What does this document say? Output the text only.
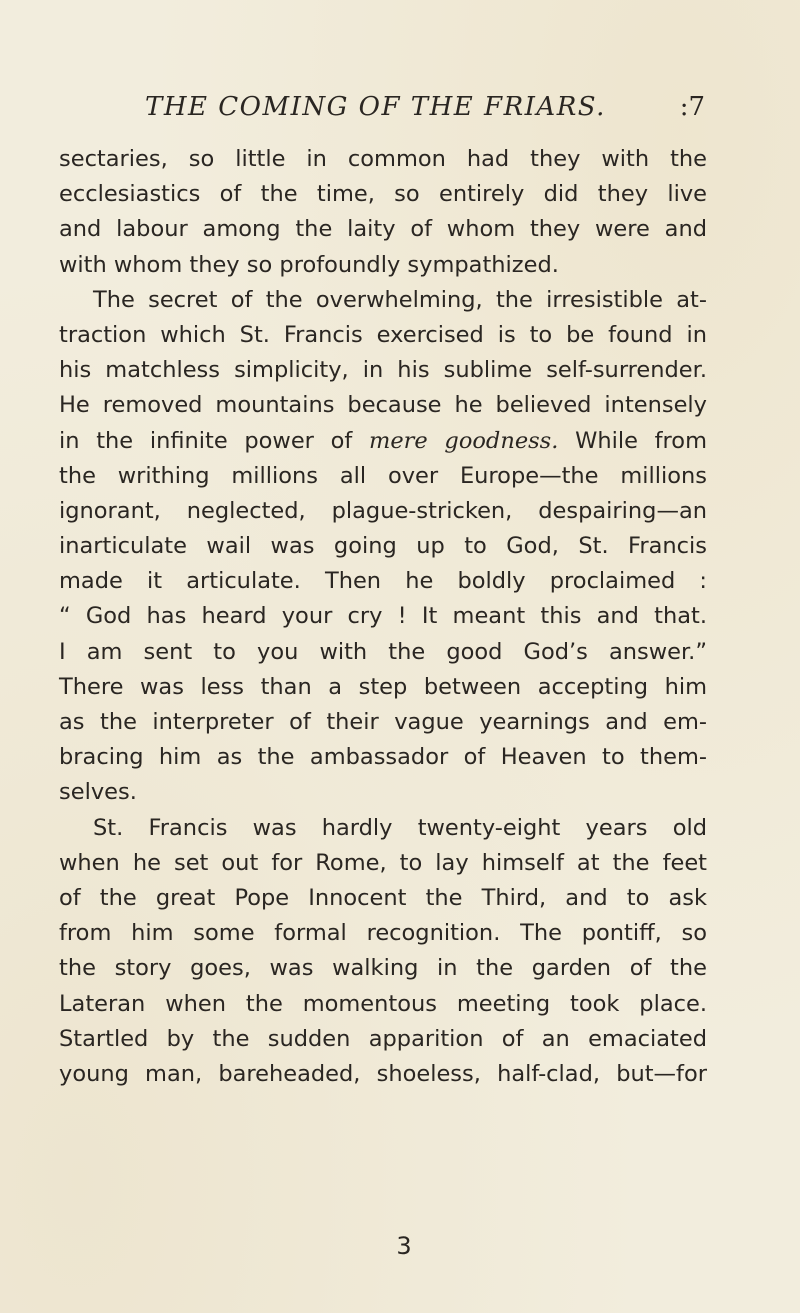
THE COMING OF THE FRIARS.	:7
sectaries, so little in common had they with the
ecclesiastics of the time, so entirely did they live
and labour among the laity of whom they were and
with whom they so profoundly sympathized.
The secret of the overwhelming, the irresistible at-
traction which St. Francis exercised is to be found in
his matchless simplicity, in his sublime self-surrender.
He removed mountains because he believed intensely
in the infinite power of mere goodness. While from
the writhing millions all over Europe—the millions
ignorant, neglected, plague-stricken, despairing—an
inarticulate wail was going up to God, St. Francis
made it articulate. Then he boldly proclaimed :
“ God has heard your cry ! It meant this and that.
I am sent to you with the good God’s answer.”
There was less than a step between accepting him
as the interpreter of their vague yearnings and em-
bracing him as the ambassador of Heaven to them-
selves.
St. Francis was hardly twenty-eight years old
when he set out for Rome, to lay himself at the feet
of the great Pope Innocent the Third, and to ask
from him some formal recognition. The pontiff, so
the story goes, was walking in the garden of the
Lateran when the momentous meeting took place.
Startled by the sudden apparition of an emaciated
young man, bareheaded, shoeless, half-clad, but—for
3
